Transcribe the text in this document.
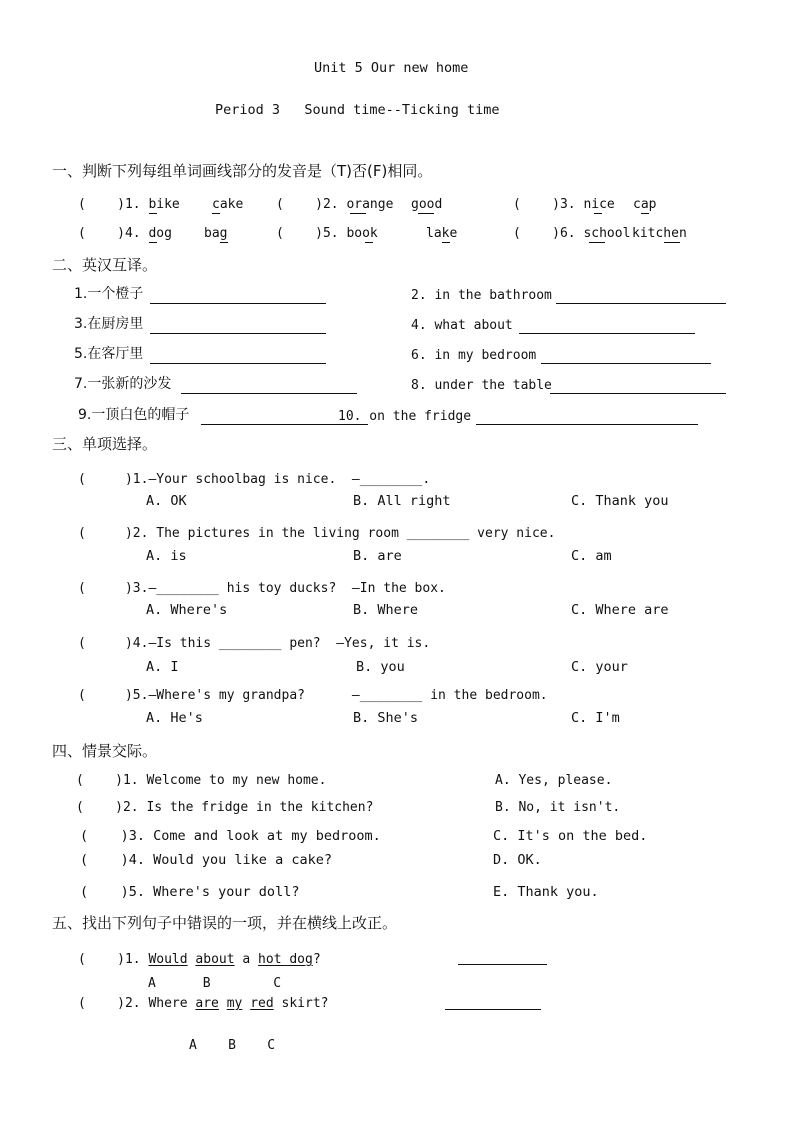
Unit 5 Our new home
Period 3   Sound time--Ticking time
一、判断下列每组单词画线部分的发音是（T)否(F)相同。
(    )1. bike cake	(    )2. orange good	(    )3. nice cap
(    )4. dog bag	(    )5. book	lake	(    )6. school kitchen
二、英汉互译。
1.一个橙子	2. in the bathroom
3.在厨房里	4. what about
5.在客厅里	6. in my bedroom
7.一张新的沙发	8. under the table
9.一顶白色的帽子	10. on the fridge
三、单项选择。
(     )1.—Your schoolbag is nice.  —________.
A. OK	B. All right	C. Thank you
(     )2. The pictures in the living room ________ very nice.
A. is	B. are	C. am
(     )3.—________ his toy ducks?  —In the box.
A. Where's	B. Where	C. Where are
(     )4.—Is this ________ pen?  —Yes, it is.
A. I	B. you	C. your
(     )5.—Where's my grandpa?      —________ in the bedroom.
A. He's	B. She's	C. I'm
四、情景交际。
(    )1. Welcome to my new home.	A. Yes, please.
(    )2. Is the fridge in the kitchen?	B. No, it isn't.
(    )3. Come and look at my bedroom.	C. It's on the bed.
(    )4. Would you like a cake?	D. OK.
(    )5. Where's your doll?	E. Thank you.
五、找出下列句子中错误的一项，并在横线上改正。
(    )1. Would about a hot dog?
A      B        C
(    )2. Where are my red skirt?
A    B    C
